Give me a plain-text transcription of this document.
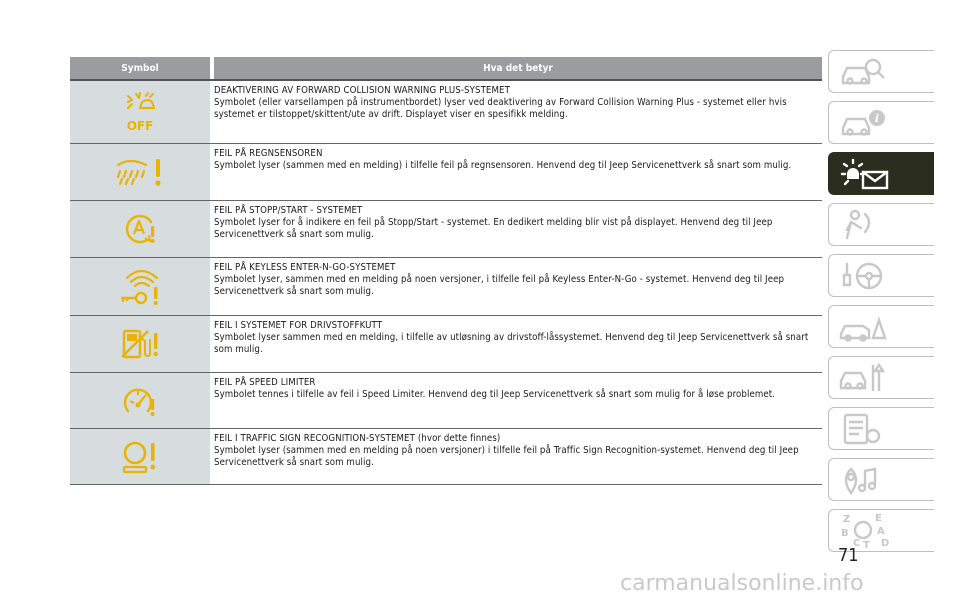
Symbol	Hva det betyr
OFF
DEAKTIVERING AV FORWARD COLLISION WARNING PLUS-SYSTEMET
Symbolet (eller varsellampen på instrumentbordet) lyser ved deaktivering av Forward Collision Warning Plus - systemet eller hvis systemet er tilstoppet/skittent/ute av drift. Displayet viser en spesifikk melding.
FEIL PÅ REGNSENSOREN
Symbolet lyser (sammen med en melding) i tilfelle feil på regnsensoren. Henvend deg til Jeep Servicenettverk så snart som mulig.
FEIL PÅ STOPP/START - SYSTEMET
Symbolet lyser for å indikere en feil på Stopp/Start - systemet. En dedikert melding blir vist på displayet. Henvend deg til Jeep Servicenettverk så snart som mulig.
FEIL PÅ KEYLESS ENTER-N-GO-SYSTEMET
Symbolet lyser, sammen med en melding på noen versjoner, i tilfelle feil på Keyless Enter-N-Go - systemet. Henvend deg til Jeep Servicenettverk så snart som mulig.
FEIL I SYSTEMET FOR DRIVSTOFFKUTT
Symbolet lyser sammen med en melding, i tilfelle av utløsning av drivstoff-låssystemet. Henvend deg til Jeep Servicenettverk så snart som mulig.
FEIL PÅ SPEED LIMITER
Symbolet tennes i tilfelle av feil i Speed Limiter. Henvend deg til Jeep Servicenettverk så snart som mulig for å løse problemet.
FEIL I TRAFFIC SIGN RECOGNITION-SYSTEMET (hvor dette finnes)
Symbolet lyser (sammen med en melding på noen versjoner) i tilfelle feil på Traffic Sign Recognition-systemet. Henvend deg til Jeep Servicenettverk så snart som mulig.
i
Z E
B	A
C T D
71
carmanualsonline.info
